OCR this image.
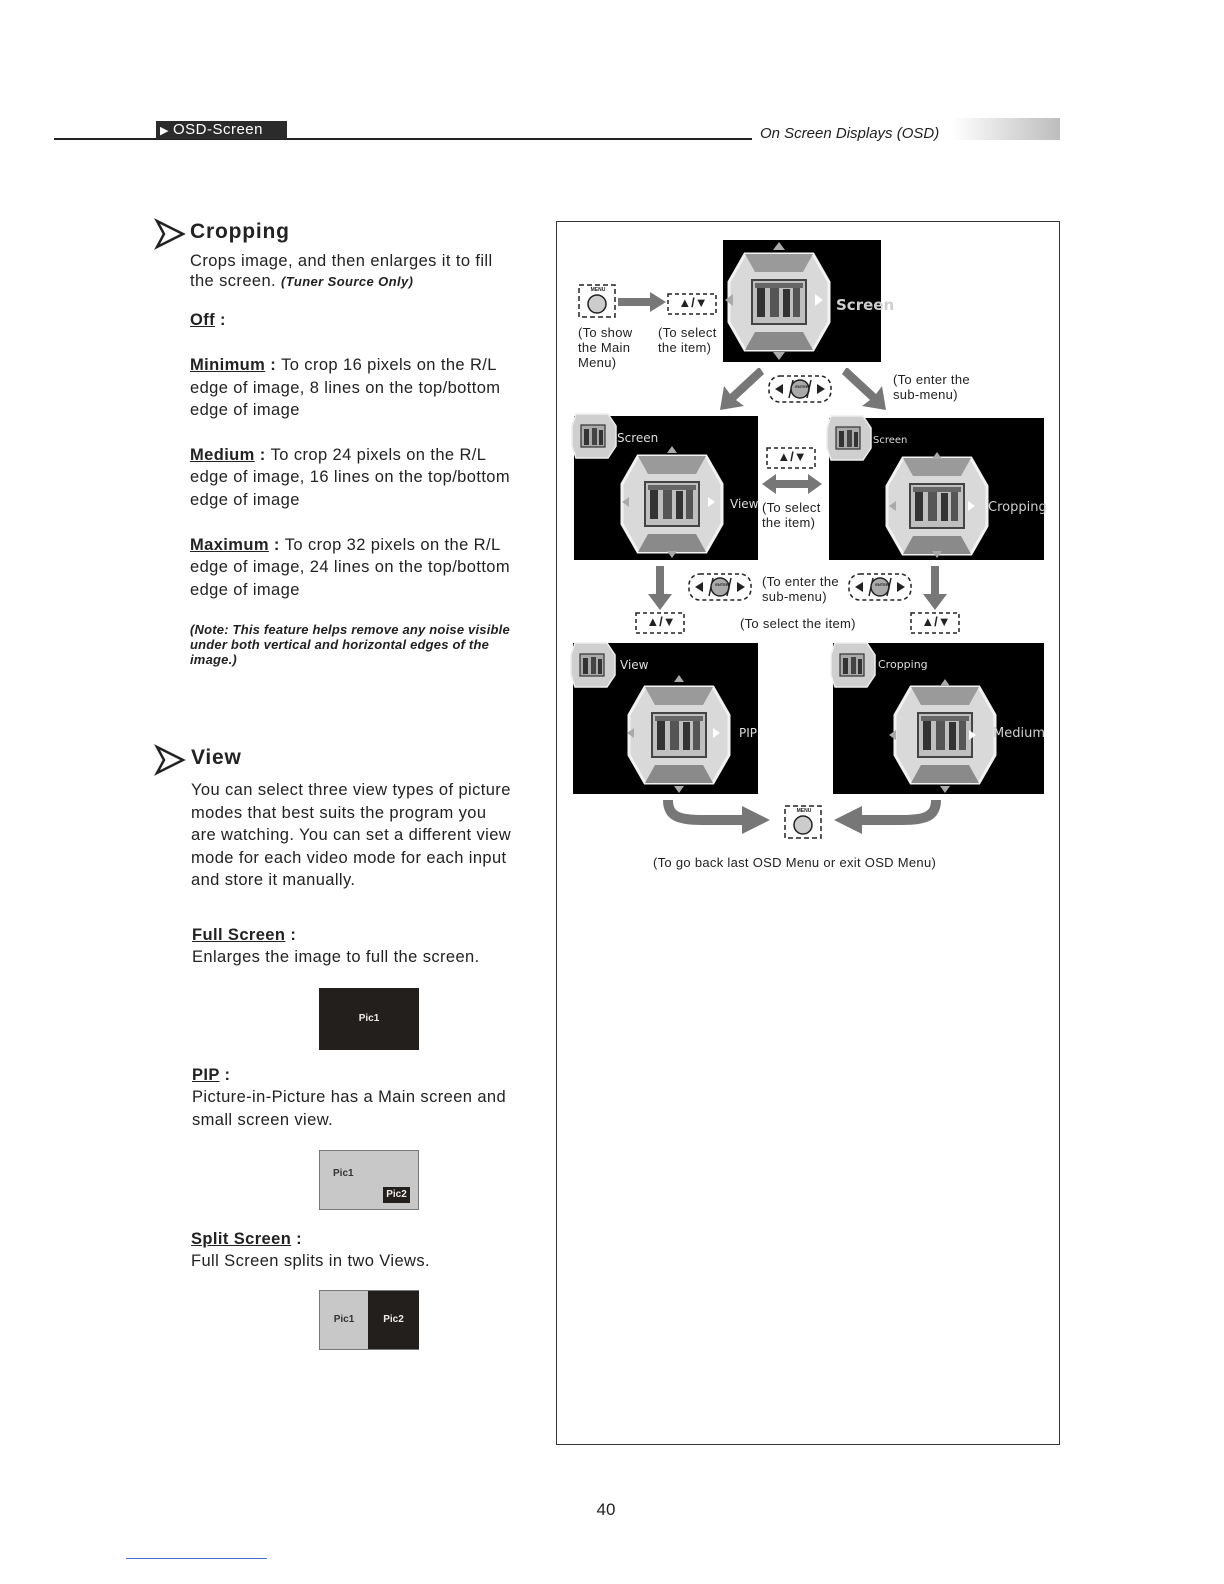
▶ OSD-Screen	On Screen Displays (OSD)
Cropping
Crops image, and then enlarges it to fill
the screen. (Tuner Source Only)
Off :
Minimum : To crop 16 pixels on the R/L
edge of image, 8 lines on the top/bottom
edge of image
Medium : To crop 24 pixels on the R/L
edge of image, 16 lines on the top/bottom
edge of image
Maximum : To crop 32 pixels on the R/L
edge of image, 24 lines on the top/bottom
edge of image
(Note: This feature helps remove any noise visible
under both vertical and horizontal edges of the
image.)
View
You can select three view types of picture
modes that best suits the program you
are watching. You can set a different view
mode for each video mode for each input
and store it manually.
Full Screen :
Enlarges the image to full the screen.
Pic1
PIP :
Picture-in-Picture has a Main screen and
small screen view.
Pic1
Pic2
Split Screen :
Full Screen splits in two Views.
Pic1	Pic2
MENU
▲/▼
(To show
the Main
Menu)
(To select
the item)
Screen
ENTER	(To enter the
sub-menu)
Screen
View
▲/▼
(To select
the item)
Screen
Cropping
ENTER	(To enter the
sub-menu)
ENTER
▲/▼	(To select the item)	▲/▼
View
PIP
Cropping
Medium
MENU
(To go back last OSD Menu or exit OSD Menu)
40
